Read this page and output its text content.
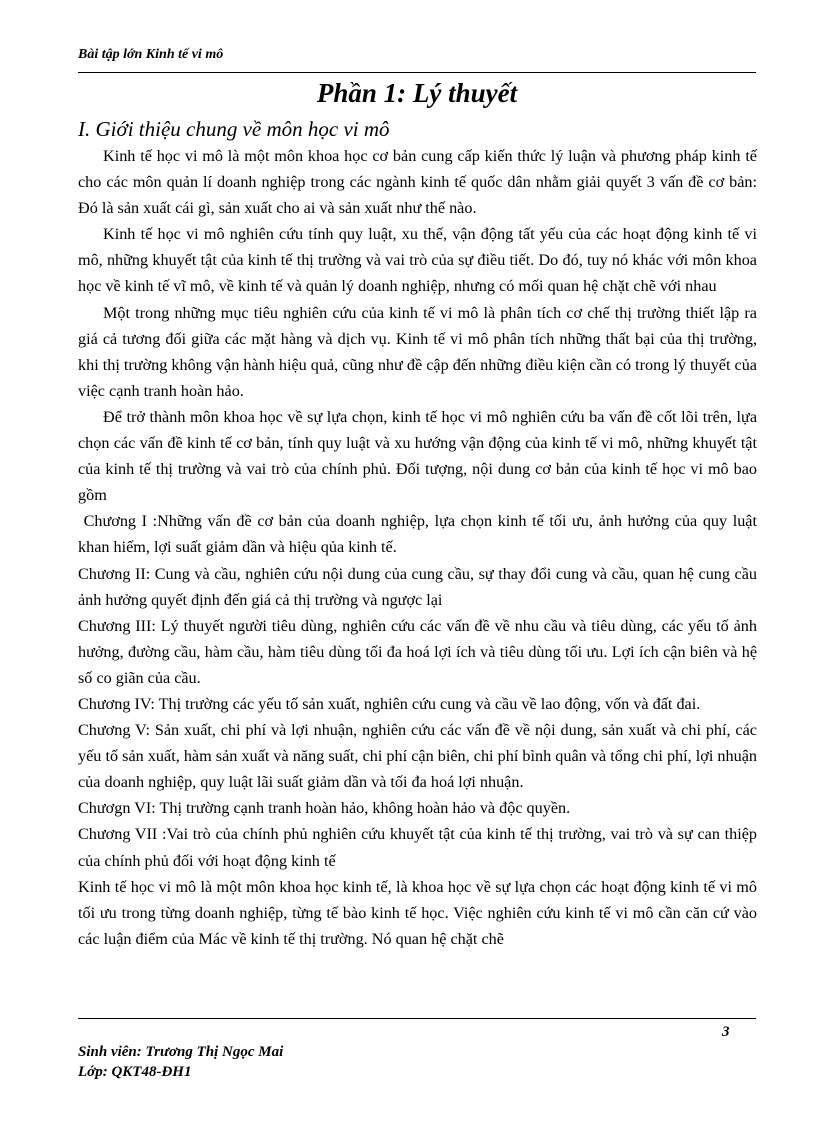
Bài tập lớn Kinh tế vi mô
Phần 1: Lý thuyết
I. Giới thiệu chung về môn học vi mô

Kinh tế học vi mô là một môn khoa học cơ bản cung cấp kiến thức lý luận và phương pháp kinh tế cho các môn quản lí doanh nghiệp trong các ngành kinh tế quốc dân nhằm giải quyết 3 vấn đề cơ bản: Đó là sản xuất cái gì, sản xuất cho ai và sản xuất như thế nào.

Kinh tế học vi mô nghiên cứu tính quy luật, xu thế, vận động tất yếu của các hoạt động kinh tế vi mô, những khuyết tật của kinh tế thị trường và vai trò của sự điều tiết. Do đó, tuy nó khác với môn khoa học về kinh tế vĩ mô, về kinh tế và quản lý doanh nghiệp, nhưng có mối quan hệ chặt chẽ với nhau

Một trong những mục tiêu nghiên cứu của kinh tế vi mô là phân tích cơ chế thị trường thiết lập ra giá cả tương đối giữa các mặt hàng và dịch vụ. Kinh tế vi mô phân tích những thất bại của thị trường, khi thị trường không vận hành hiệu quả, cũng như đề cập đến những điều kiện cần có trong lý thuyết của việc cạnh tranh hoàn hảo.

Để trở thành môn khoa học về sự lựa chọn, kinh tế học vi mô nghiên cứu ba vấn đề cốt lõi trên, lựa chọn các vấn đề kinh tế cơ bản, tính quy luật và xu hướng vận động của kinh tế vi mô, những khuyết tật của kinh tế thị trường và vai trò của chính phủ. Đối tượng, nội dung cơ bản của kinh tế học vi mô bao gồm

Chương I :Những vấn đề cơ bản của doanh nghiệp, lựa chọn kinh tế tối ưu, ảnh hưởng của quy luật khan hiếm, lợi suất giảm dần và hiệu qủa kinh tế.

Chương II: Cung và cầu, nghiên cứu nội dung của cung cầu, sự thay đổi cung và cầu, quan hệ cung cầu ảnh hưởng quyết định đến giá cả thị trường và ngược lại

Chương III: Lý thuyết người tiêu dùng, nghiên cứu các vấn đề về nhu cầu và tiêu dùng, các yếu tố ảnh hưởng, đường cầu, hàm cầu, hàm tiêu dùng tối đa hoá lợi ích và tiêu dùng tối ưu. Lợi ích cận biên và hệ số co giãn của cầu.

Chương IV: Thị trường các yếu tố sản xuất, nghiên cứu cung và cầu về lao động, vốn và đất đai.

Chương V: Sản xuất, chi phí và lợi nhuận, nghiên cứu các vấn đề về nội dung, sản xuất và chi phí, các yếu tố sản xuất, hàm sản xuất và năng suất, chi phí cận biên, chi phí bình quân và tổng chi phí, lợi nhuận của doanh nghiệp, quy luật lãi suất giảm dần và tối đa hoá lợi nhuận.

Chươgn VI: Thị trường cạnh tranh hoàn hảo, không hoàn hảo và độc quyền.

Chương VII :Vai trò của chính phủ nghiên cứu khuyết tật của kinh tế thị trường, vai trò và sự can thiệp của chính phủ đối với hoạt động kinh tế

Kinh tế học vi mô là một môn khoa học kinh tế, là khoa học về sự lựa chọn các hoạt động kinh tế vi mô tối ưu trong từng doanh nghiệp, từng tế bào kinh tế học. Việc nghiên cứu kinh tế vi mô cần căn cứ vào các luận điểm của Mác về kinh tế thị trường. Nó quan hệ chặt chẽ

3
Sinh viên: Trương Thị Ngọc Mai
Lớp: QKT48-ĐH1
